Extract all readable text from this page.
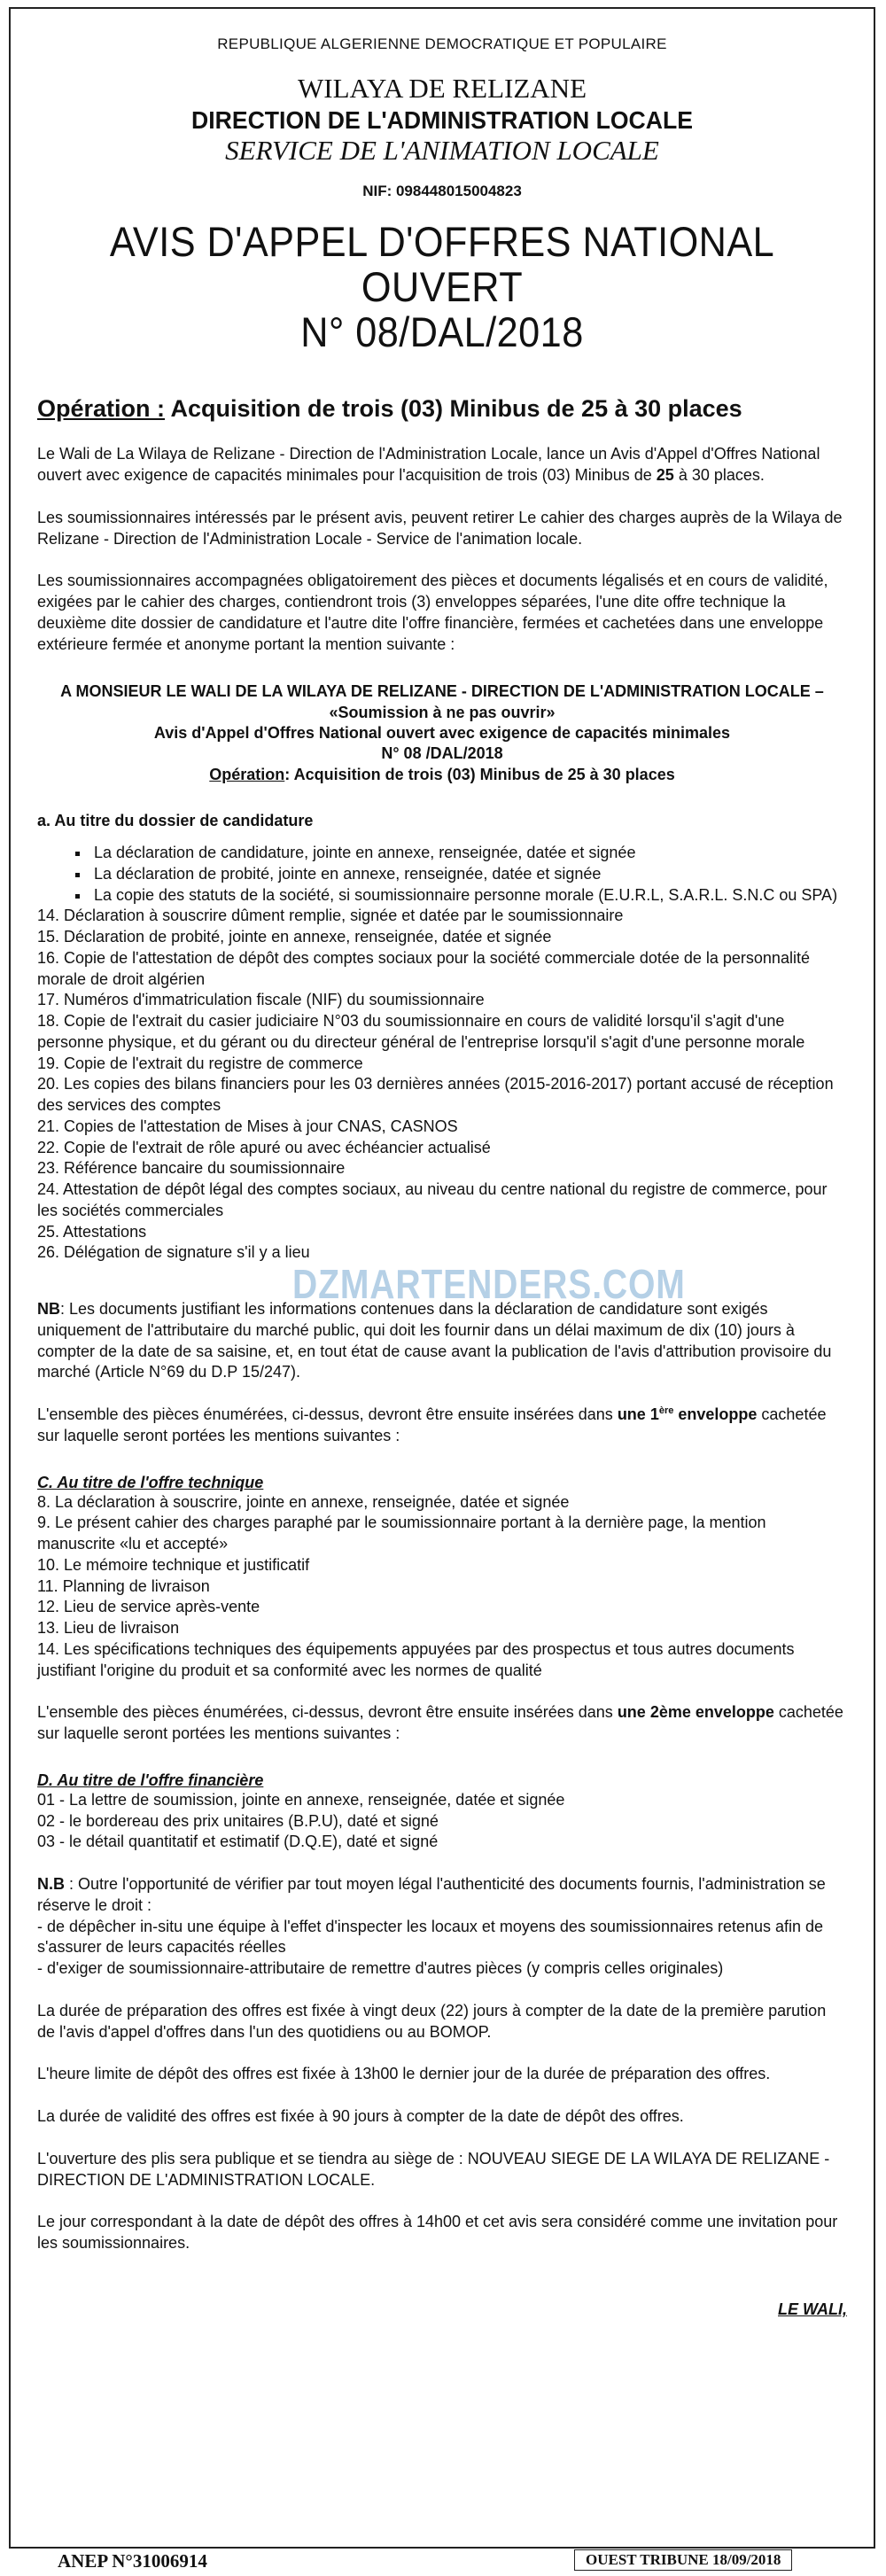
REPUBLIQUE ALGERIENNE DEMOCRATIQUE ET POPULAIRE
WILAYA DE RELIZANE
DIRECTION DE L'ADMINISTRATION LOCALE
SERVICE DE L'ANIMATION LOCALE
NIF: 098448015004823
AVIS D'APPEL D'OFFRES NATIONAL OUVERT
N° 08/DAL/2018
Opération : Acquisition de trois (03) Minibus de 25 à 30 places
Le Wali de La Wilaya de Relizane - Direction de l'Administration Locale, lance un Avis d'Appel d'Offres National ouvert avec exigence de capacités minimales pour l'acquisition de trois (03) Minibus de 25 à 30 places.
Les soumissionnaires intéressés par le présent avis, peuvent retirer Le cahier des charges auprès de la Wilaya de Relizane - Direction de l'Administration Locale - Service de l'animation locale.
Les soumissionnaires accompagnées obligatoirement des pièces et documents légalisés et en cours de validité, exigées par le cahier des charges, contiendront trois (3) enveloppes séparées, l'une dite offre technique la deuxième dite dossier de candidature et l'autre dite l'offre financière, fermées et cachetées dans une enveloppe extérieure fermée et anonyme portant la mention suivante :
A MONSIEUR LE WALI DE LA WILAYA DE RELIZANE - DIRECTION DE L'ADMINISTRATION LOCALE –
«Soumission à ne pas ouvrir»
Avis d'Appel d'Offres National ouvert avec exigence de capacités minimales
N° 08 /DAL/2018
Opération: Acquisition de trois (03) Minibus de 25 à 30 places
a. Au titre du dossier de candidature
▪ La déclaration de candidature, jointe en annexe, renseignée, datée et signée
▪ La déclaration de probité, jointe en annexe, renseignée, datée et signée
▪ La copie des statuts de la société, si soumissionnaire personne morale (E.U.R.L, S.A.R.L. S.N.C ou SPA)
14. Déclaration à souscrire dûment remplie, signée et datée par le soumissionnaire
15. Déclaration de probité, jointe en annexe, renseignée, datée et signée
16. Copie de l'attestation de dépôt des comptes sociaux pour la société commerciale dotée de la personnalité morale de droit algérien
17. Numéros d'immatriculation fiscale (NIF) du soumissionnaire
18. Copie de l'extrait du casier judiciaire N°03 du soumissionnaire en cours de validité lorsqu'il s'agit d'une personne physique, et du gérant ou du directeur général de l'entreprise lorsqu'il s'agit d'une personne morale
19. Copie de l'extrait du registre de commerce
20. Les copies des bilans financiers pour les 03 dernières années (2015-2016-2017) portant accusé de réception des services des comptes
21. Copies de l'attestation de Mises à jour CNAS, CASNOS
22. Copie de l'extrait de rôle apuré ou avec échéancier actualisé
23. Référence bancaire du soumissionnaire
24. Attestation de dépôt légal des comptes sociaux, au niveau du centre national du registre de commerce, pour les sociétés commerciales
25. Attestations
26. Délégation de signature s'il y a lieu
NB: Les documents justifiant les informations contenues dans la déclaration de candidature sont exigés uniquement de l'attributaire du marché public, qui doit les fournir dans un délai maximum de dix (10) jours à compter de la date de sa saisine, et, en tout état de cause avant la publication de l'avis d'attribution provisoire du marché (Article N°69 du D.P 15/247).
L'ensemble des pièces énumérées, ci-dessus, devront être ensuite insérées dans une 1ère enveloppe cachetée sur laquelle seront portées les mentions suivantes :
C. Au titre de l'offre technique
8. La déclaration à souscrire, jointe en annexe, renseignée, datée et signée
9. Le présent cahier des charges paraphé par le soumissionnaire portant à la dernière page, la mention manuscrite «lu et accepté»
10. Le mémoire technique et justificatif
11. Planning de livraison
12. Lieu de service après-vente
13. Lieu de livraison
14. Les spécifications techniques des équipements appuyées par des prospectus et tous autres documents justifiant l'origine du produit et sa conformité avec les normes de qualité
L'ensemble des pièces énumérées, ci-dessus, devront être ensuite insérées dans une 2ème enveloppe cachetée sur laquelle seront portées les mentions suivantes :
D. Au titre de l'offre financière
01 - La lettre de soumission, jointe en annexe, renseignée, datée et signée
02 - le bordereau des prix unitaires (B.P.U), daté et signé
03 - le détail quantitatif et estimatif (D.Q.E), daté et signé
N.B : Outre l'opportunité de vérifier par tout moyen légal l'authenticité des documents fournis, l'administration se réserve le droit :
- de dépêcher in-situ une équipe à l'effet d'inspecter les locaux et moyens des soumissionnaires retenus afin de s'assurer de leurs capacités réelles
- d'exiger de soumissionnaire-attributaire de remettre d'autres pièces (y compris celles originales)
La durée de préparation des offres est fixée à vingt deux (22) jours à compter de la date de la première parution de l'avis d'appel d'offres dans l'un des quotidiens ou au BOMOP.
L'heure limite de dépôt des offres est fixée à 13h00 le dernier jour de la durée de préparation des offres.
La durée de validité des offres est fixée à 90 jours à compter de la date de dépôt des offres.
L'ouverture des plis sera publique et se tiendra au siège de : NOUVEAU SIEGE DE LA WILAYA DE RELIZANE - DIRECTION DE L'ADMINISTRATION LOCALE.
Le jour correspondant à la date de dépôt des offres à 14h00 et cet avis sera considéré comme une invitation pour les soumissionnaires.
LE WALI,
DZMARTENDERS.COM
ANEP N°31006914	OUEST TRIBUNE 18/09/2018
